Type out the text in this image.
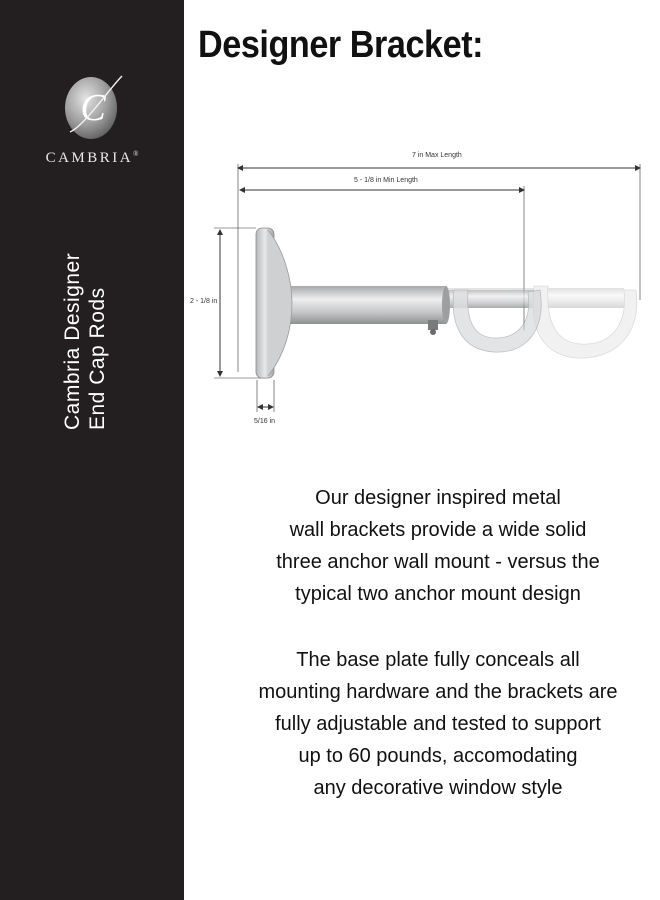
C
CAMBRIA®
Cambria Designer End Cap Rods
Designer Bracket:
7 in Max Length
5 - 1/8 in Min Length
2 - 1/8 in
5/16 in
Our designer inspired metal
wall brackets provide a wide solid
three anchor wall mount - versus the
typical two anchor mount design
The base plate fully conceals all
mounting hardware and the brackets are
fully adjustable and tested to support
up to 60 pounds, accomodating
any decorative window style
